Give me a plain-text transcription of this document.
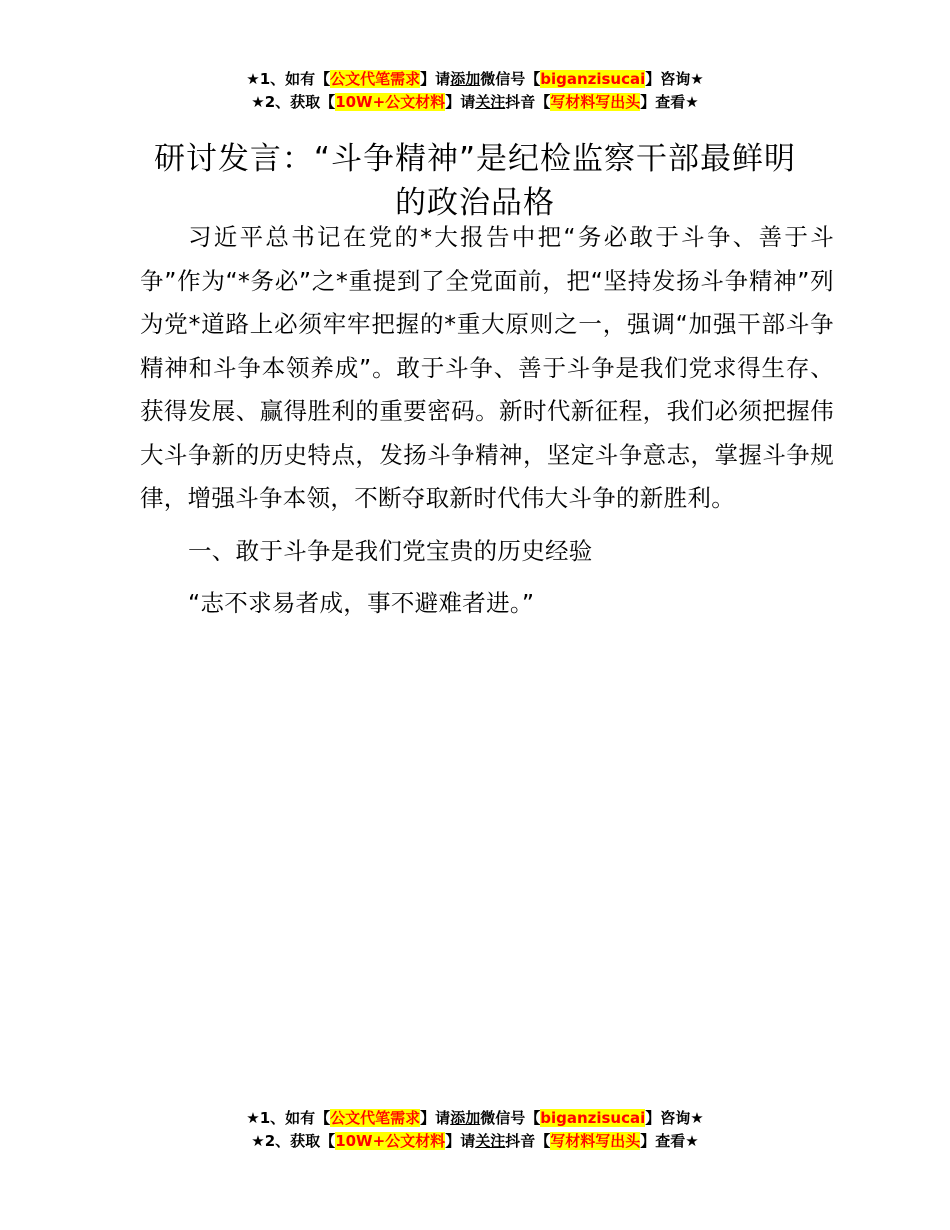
★1、如有【公文代笔需求】请添加微信号【biganzisucai】咨询★
★2、获取【10W+公文材料】请关注抖音【写材料写出头】查看★
研讨发言：“斗争精神”是纪检监察干部最鲜明的政治品格

习近平总书记在党的*大报告中把“务必敢于斗争、善于斗争”作为“*务必”之*重提到了全党面前，把“坚持发扬斗争精神”列为党*道路上必须牢牢把握的*重大原则之一，强调“加强干部斗争精神和斗争本领养成”。敢于斗争、善于斗争是我们党求得生存、获得发展、赢得胜利的重要密码。新时代新征程，我们必须把握伟大斗争新的历史特点，发扬斗争精神，坚定斗争意志，掌握斗争规律，增强斗争本领，不断夺取新时代伟大斗争的新胜利。

一、敢于斗争是我们党宝贵的历史经验

“志不求易者成，事不避难者进。”

★1、如有【公文代笔需求】请添加微信号【biganzisucai】咨询★
★2、获取【10W+公文材料】请关注抖音【写材料写出头】查看★
